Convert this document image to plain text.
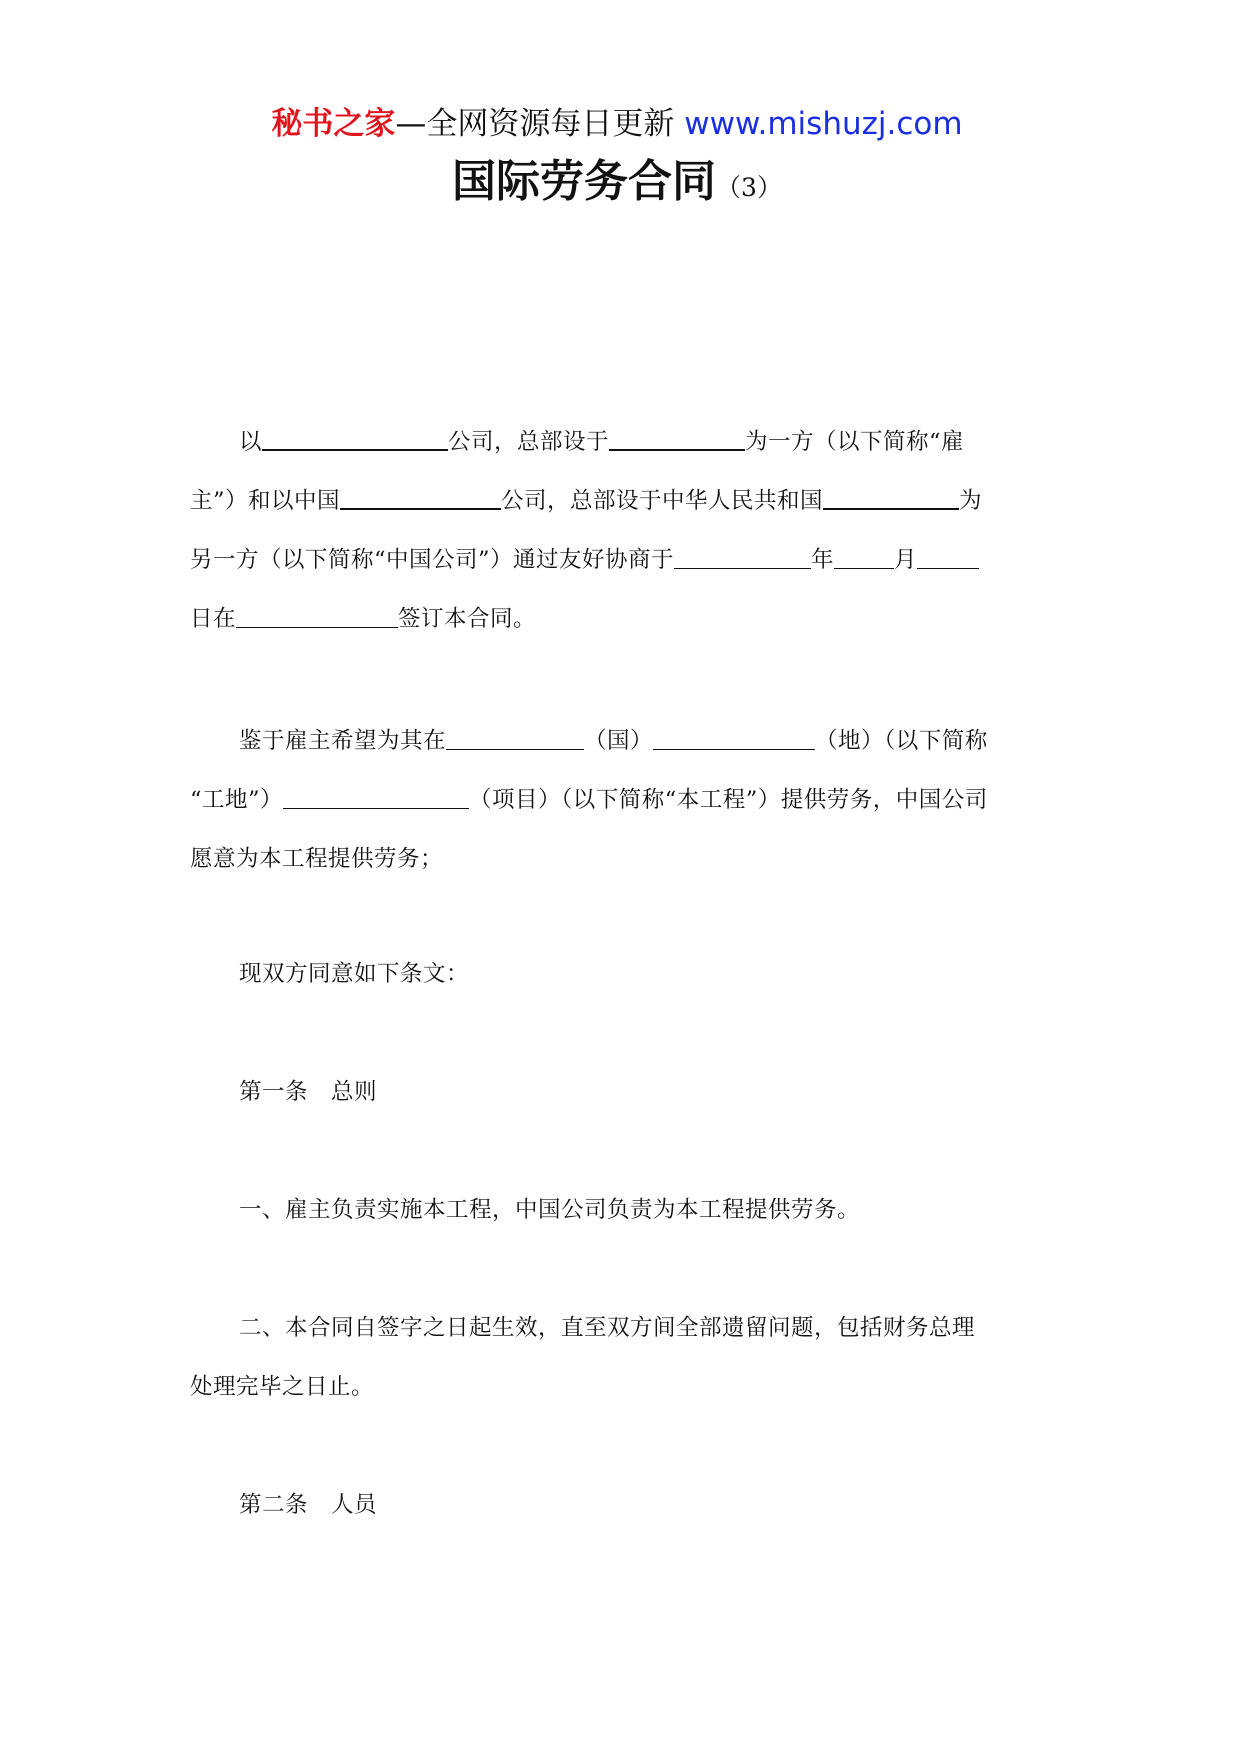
秘书之家—全网资源每日更新 www.mishuzj.com
国际劳务合同（3）
以	公司，总部设于	为一方（以下简称“雇
主”）和以中国	公司，总部设于中华人民共和国	为
另一方（以下简称“中国公司”）通过友好协商于	年	月
日在	签订本合同。
鉴于雇主希望为其在	（国）	（地）（以下简称
“工地”）	（项目）（以下简称“本工程”）提供劳务，中国公司
愿意为本工程提供劳务；
现双方同意如下条文：
第一条　总则
一、雇主负责实施本工程，中国公司负责为本工程提供劳务。
二、本合同自签字之日起生效，直至双方间全部遗留问题，包括财务总理
处理完毕之日止。
第二条　人员
